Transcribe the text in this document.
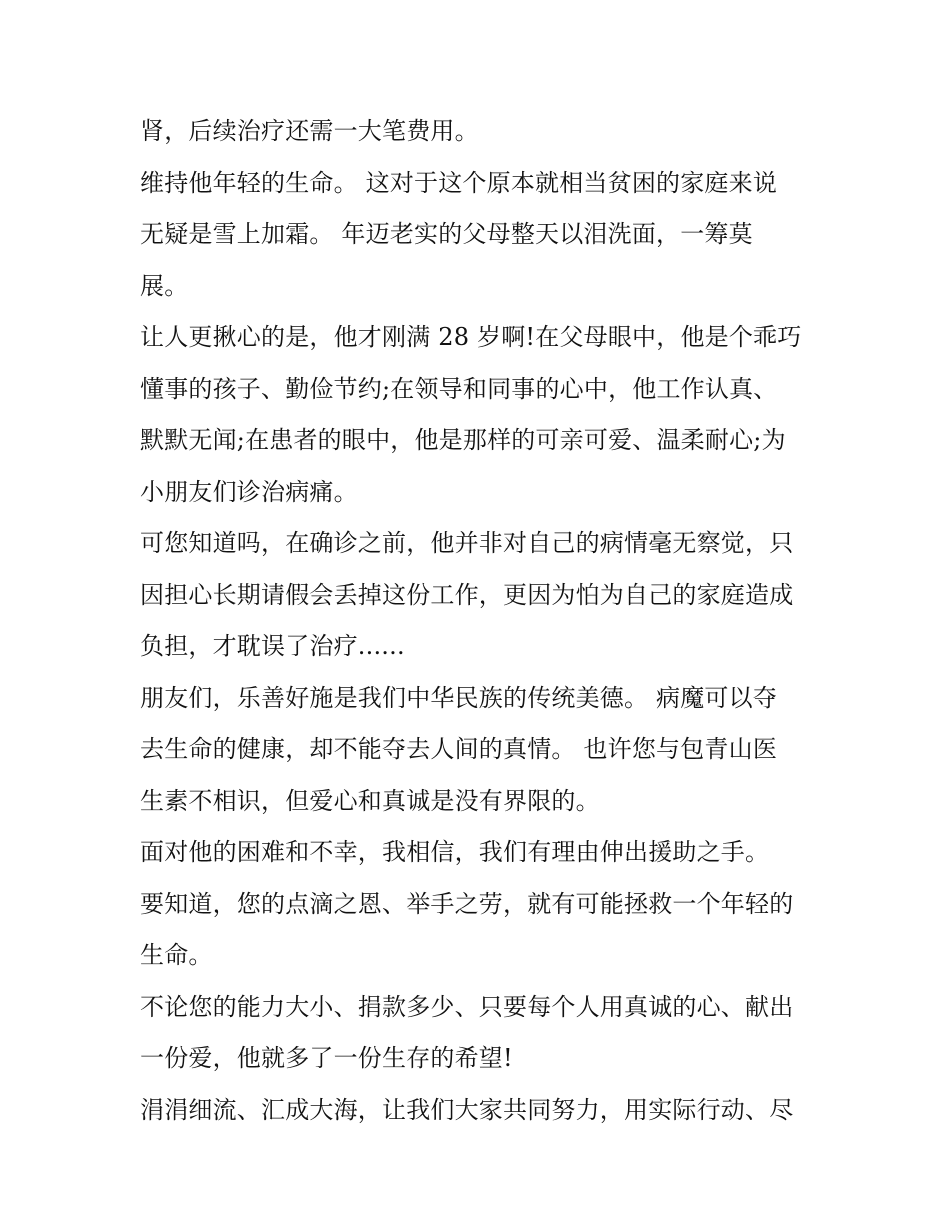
肾，后续治疗还需一大笔费用。
维持他年轻的生命。 这对于这个原本就相当贫困的家庭来说
无疑是雪上加霜。 年迈老实的父母整天以泪洗面，一筹莫
展。
让人更揪心的是，他才刚满 28 岁啊!在父母眼中，他是个乖巧
懂事的孩子、勤俭节约;在领导和同事的心中，他工作认真、
默默无闻;在患者的眼中，他是那样的可亲可爱、温柔耐心;为
小朋友们诊治病痛。
可您知道吗，在确诊之前，他并非对自己的病情毫无察觉，只
因担心长期请假会丢掉这份工作，更因为怕为自己的家庭造成
负担，才耽误了治疗......
朋友们，乐善好施是我们中华民族的传统美德。 病魔可以夺
去生命的健康，却不能夺去人间的真情。 也许您与包青山医
生素不相识，但爱心和真诚是没有界限的。
面对他的困难和不幸，我相信，我们有理由伸出援助之手。
要知道，您的点滴之恩、举手之劳，就有可能拯救一个年轻的
生命。
不论您的能力大小、捐款多少、只要每个人用真诚的心、献出
一份爱，他就多了一份生存的希望!
涓涓细流、汇成大海，让我们大家共同努力，用实际行动、尽
